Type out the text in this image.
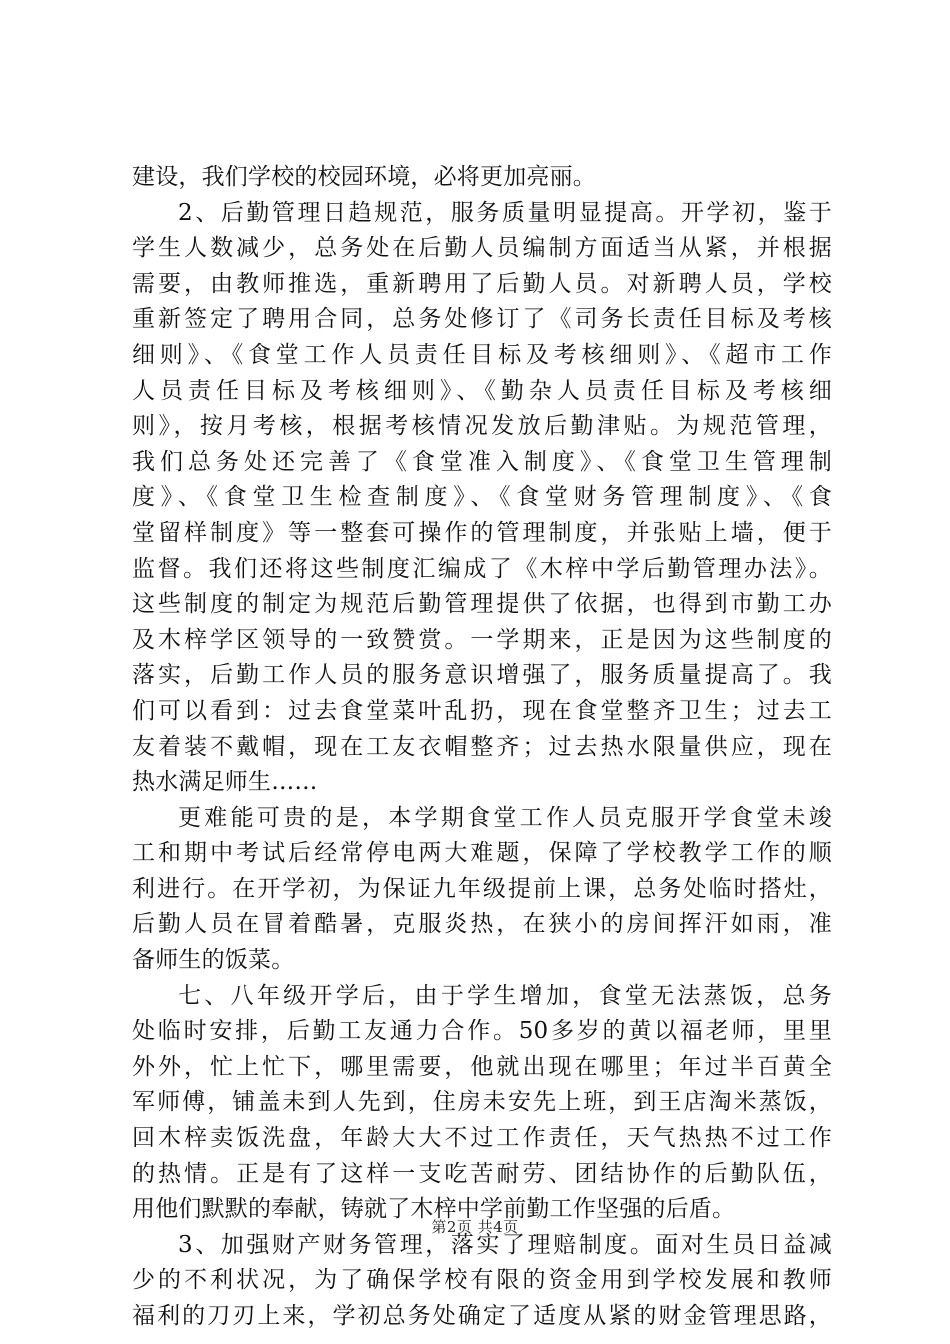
建设，我们学校的校园环境，必将更加亮丽。
2、后勤管理日趋规范，服务质量明显提高。开学初，鉴于
学生人数减少，总务处在后勤人员编制方面适当从紧，并根据
需要，由教师推选，重新聘用了后勤人员。对新聘人员，学校
重新签定了聘用合同，总务处修订了《司务长责任目标及考核
细则》、《食堂工作人员责任目标及考核细则》、《超市工作
人员责任目标及考核细则》、《勤杂人员责任目标及考核细
则》，按月考核，根据考核情况发放后勤津贴。为规范管理，
我们总务处还完善了《食堂准入制度》、《食堂卫生管理制
度》、《食堂卫生检查制度》、《食堂财务管理制度》、《食
堂留样制度》等一整套可操作的管理制度，并张贴上墙，便于
监督。我们还将这些制度汇编成了《木梓中学后勤管理办法》。
这些制度的制定为规范后勤管理提供了依据，也得到市勤工办
及木梓学区领导的一致赞赏。一学期来，正是因为这些制度的
落实，后勤工作人员的服务意识增强了，服务质量提高了。我
们可以看到：过去食堂菜叶乱扔，现在食堂整齐卫生；过去工
友着装不戴帽，现在工友衣帽整齐；过去热水限量供应，现在
热水满足师生……
更难能可贵的是，本学期食堂工作人员克服开学食堂未竣
工和期中考试后经常停电两大难题，保障了学校教学工作的顺
利进行。在开学初，为保证九年级提前上课，总务处临时搭灶，
后勤人员在冒着酷暑，克服炎热，在狭小的房间挥汗如雨，准
备师生的饭菜。
七、八年级开学后，由于学生增加，食堂无法蒸饭，总务
处临时安排，后勤工友通力合作。50多岁的黄以福老师，里里
外外，忙上忙下，哪里需要，他就出现在哪里；年过半百黄全
军师傅，铺盖未到人先到，住房未安先上班，到王店淘米蒸饭，
回木梓卖饭洗盘，年龄大大不过工作责任，天气热热不过工作
的热情。正是有了这样一支吃苦耐劳、团结协作的后勤队伍，
用他们默默的奉献，铸就了木梓中学前勤工作坚强的后盾。
3、加强财产财务管理，落实了理赔制度。面对生员日益减
少的不利状况，为了确保学校有限的资金用到学校发展和教师
福利的刀刃上来，学初总务处确定了适度从紧的财金管理思路，
第2页 共4页
